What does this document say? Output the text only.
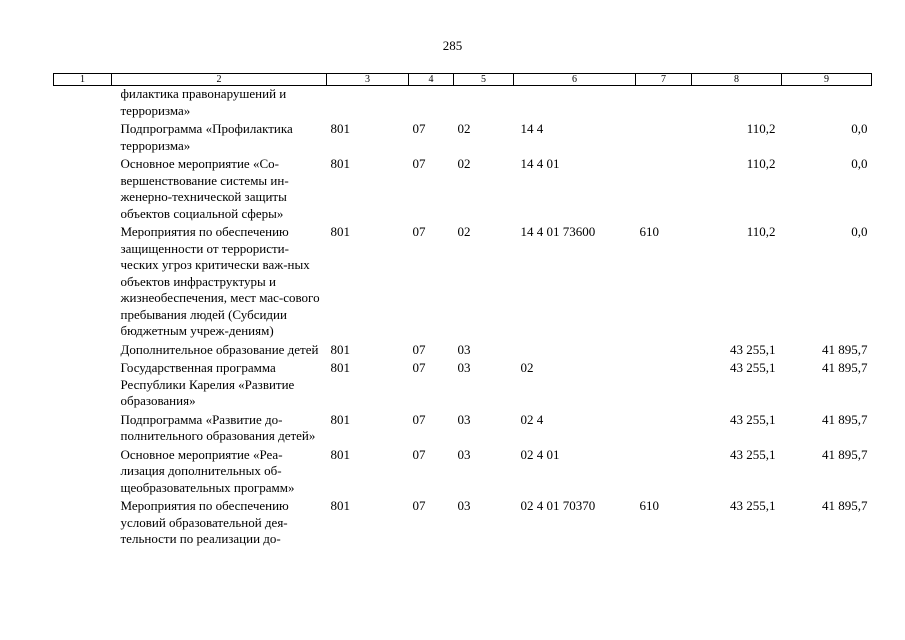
285
1	2	3	4	5	6	7	8	9
	филактика правонарушений и терроризма»							
	Подпрограмма «Профилактика терроризма»	801	07	02	14 4		110,2	0,0
	Основное мероприятие «Со-вершенствование системы ин-женерно-технической защиты объектов социальной сферы»	801	07	02	14 4 01		110,2	0,0
	Мероприятия по обеспечению защищенности от террористи-ческих угроз критически важ-ных объектов инфраструктуры и жизнеобеспечения, мест мас-сового пребывания людей (Субсидии бюджетным учреж-дениям)	801	07	02	14 4 01 73600	610	110,2	0,0
	Дополнительное образование детей	801	07	03			43 255,1	41 895,7
	Государственная программа Республики Карелия «Развитие образования»	801	07	03	02		43 255,1	41 895,7
	Подпрограмма «Развитие до-полнительного образования детей»	801	07	03	02 4		43 255,1	41 895,7
	Основное мероприятие «Реа-лизация дополнительных об-щеобразовательных программ»	801	07	03	02 4 01		43 255,1	41 895,7
	Мероприятия по обеспечению условий образовательной дея-тельности по реализации до-	801	07	03	02 4 01 70370	610	43 255,1	41 895,7
